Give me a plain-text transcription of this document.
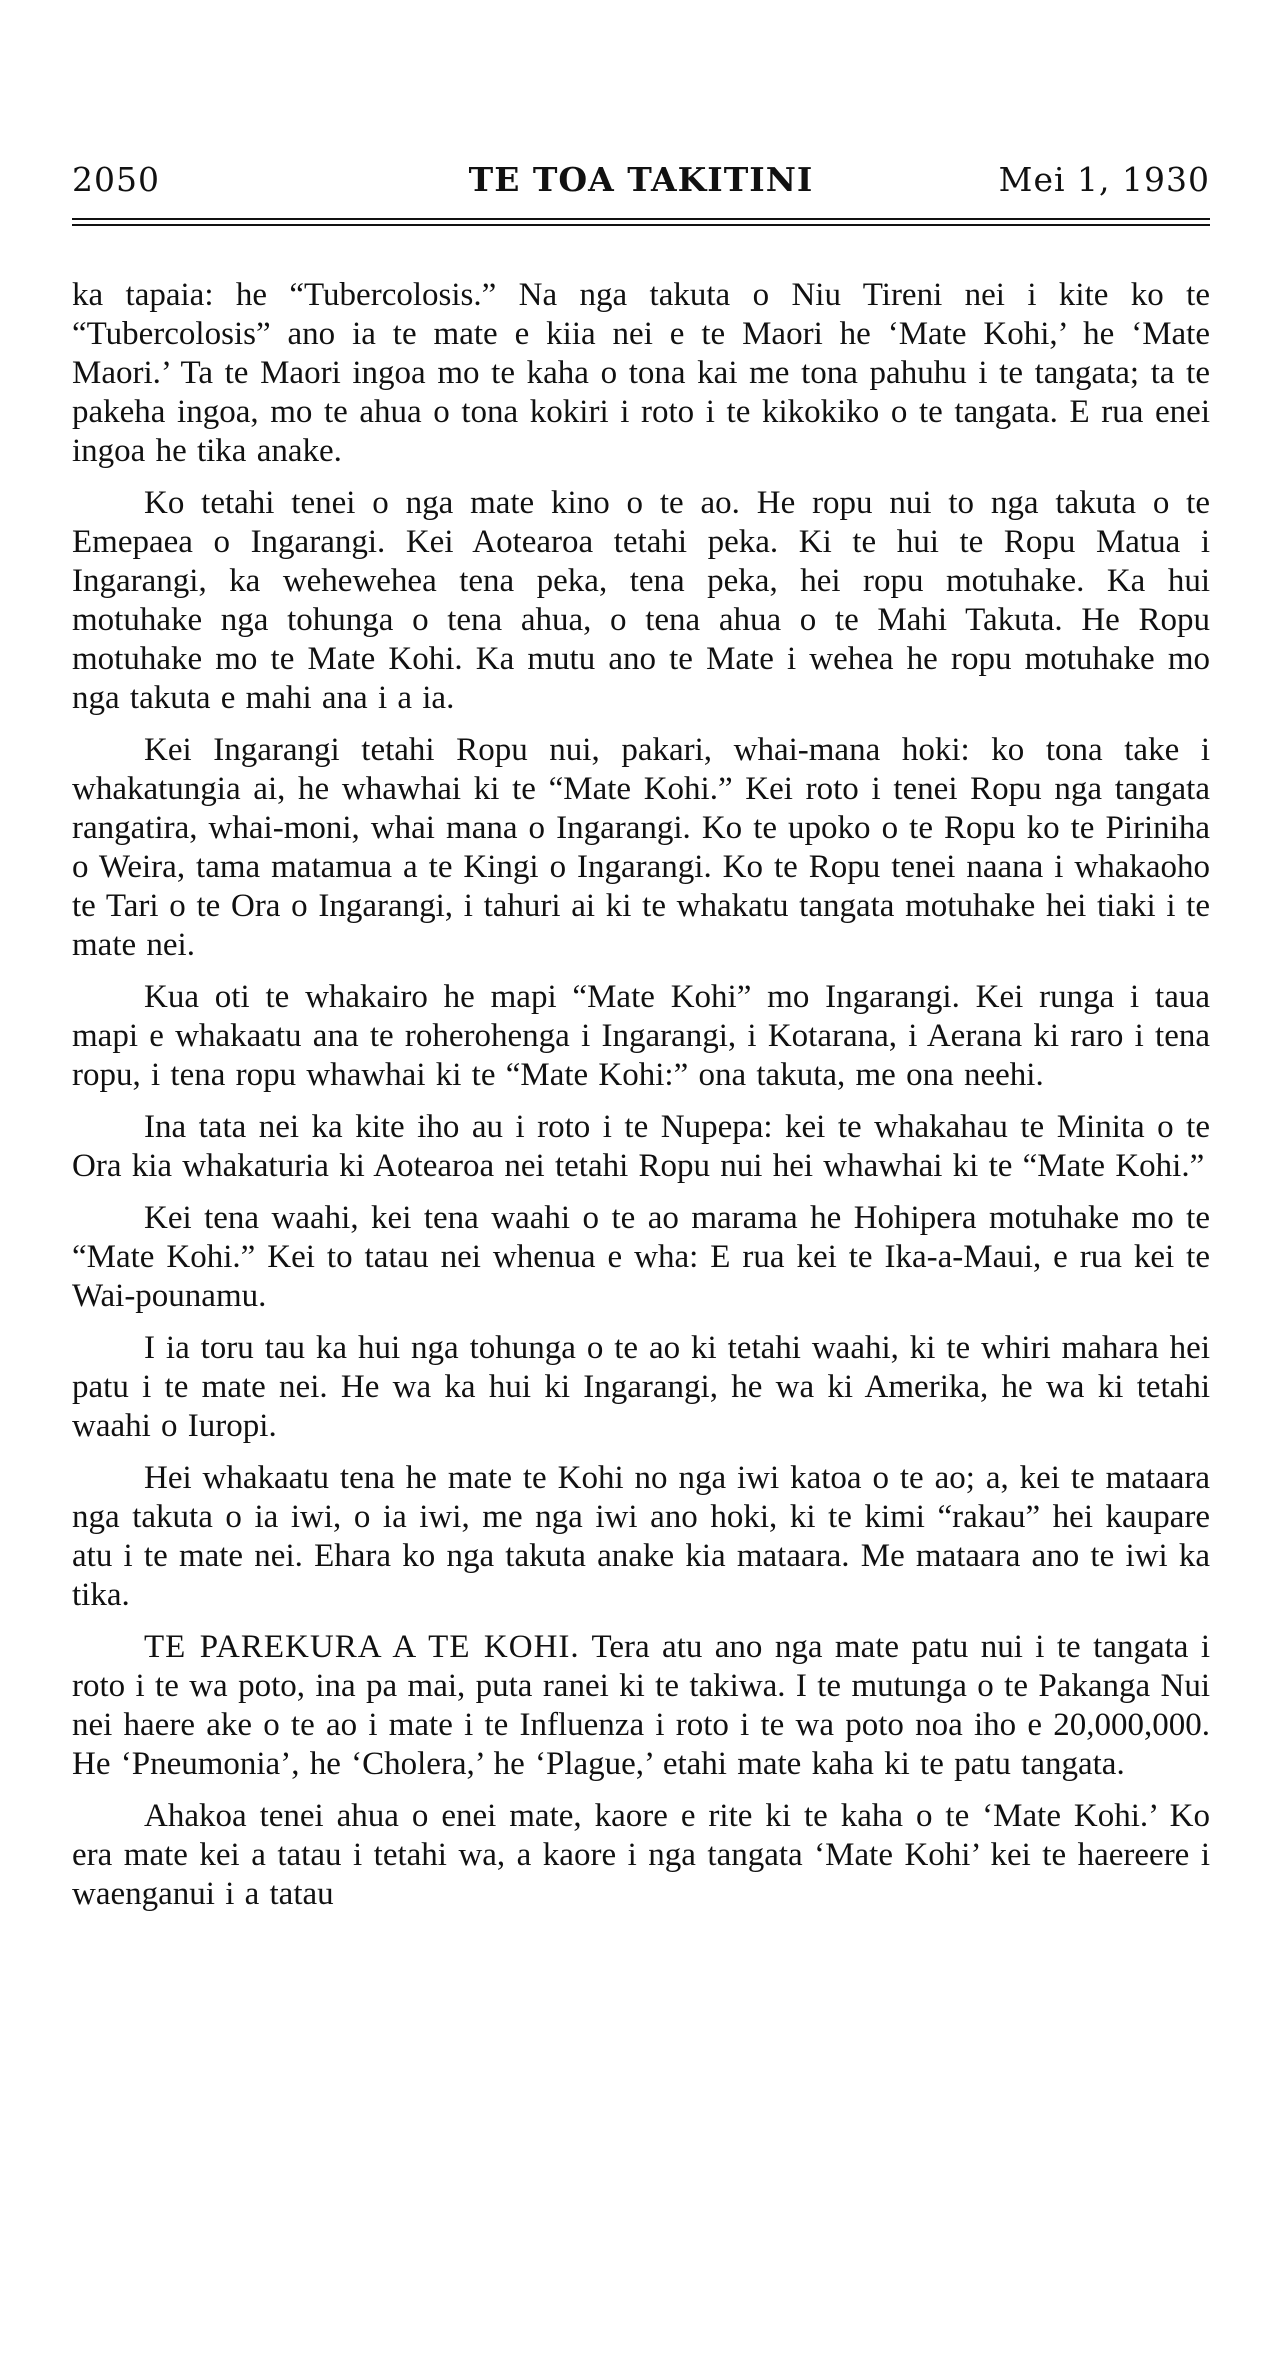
2050	TE TOA TAKITINI	Mei 1, 1930

ka tapaia: he “Tubercolosis.” Na nga takuta o Niu Tireni nei i kite ko te “Tubercolosis” ano ia te mate e kiia nei e te Maori he ‘Mate Kohi,’ he ‘Mate Maori.’ Ta te Maori ingoa mo te kaha o tona kai me tona pahuhu i te tangata; ta te pakeha ingoa, mo te ahua o tona kokiri i roto i te kikokiko o te tangata. E rua enei ingoa he tika anake.

Ko tetahi tenei o nga mate kino o te ao. He ropu nui to nga takuta o te Emepaea o Ingarangi. Kei Aotearoa tetahi peka. Ki te hui te Ropu Matua i Ingarangi, ka wehewehea tena peka, tena peka, hei ropu motuhake. Ka hui motuhake nga tohunga o tena ahua, o tena ahua o te Mahi Takuta. He Ropu motuhake mo te Mate Kohi. Ka mutu ano te Mate i wehea he ropu motuhake mo nga takuta e mahi ana i a ia.

Kei Ingarangi tetahi Ropu nui, pakari, whai-mana hoki: ko tona take i whakatungia ai, he whawhai ki te “Mate Kohi.” Kei roto i tenei Ropu nga tangata rangatira, whai-moni, whai mana o Ingarangi. Ko te upoko o te Ropu ko te Piriniha o Weira, tama matamua a te Kingi o Ingarangi. Ko te Ropu tenei naana i whakaoho te Tari o te Ora o Ingarangi, i tahuri ai ki te whakatu tangata motuhake hei tiaki i te mate nei.

Kua oti te whakairo he mapi “Mate Kohi” mo Ingarangi. Kei runga i taua mapi e whakaatu ana te roherohenga i Ingarangi, i Kotarana, i Aerana ki raro i tena ropu, i tena ropu whawhai ki te “Mate Kohi:” ona takuta, me ona neehi.

Ina tata nei ka kite iho au i roto i te Nupepa: kei te whakahau te Minita o te Ora kia whakaturia ki Aotearoa nei tetahi Ropu nui hei whawhai ki te “Mate Kohi.”

Kei tena waahi, kei tena waahi o te ao marama he Hohipera motuhake mo te “Mate Kohi.” Kei to tatau nei whenua e wha: E rua kei te Ika-a-Maui, e rua kei te Wai-pounamu.

I ia toru tau ka hui nga tohunga o te ao ki tetahi waahi, ki te whiri mahara hei patu i te mate nei. He wa ka hui ki Ingarangi, he wa ki Amerika, he wa ki tetahi waahi o Iuropi.

Hei whakaatu tena he mate te Kohi no nga iwi katoa o te ao; a, kei te mataara nga takuta o ia iwi, o ia iwi, me nga iwi ano hoki, ki te kimi “rakau” hei kaupare atu i te mate nei. Ehara ko nga takuta anake kia mataara. Me mataara ano te iwi ka tika.

TE PAREKURA A TE KOHI. Tera atu ano nga mate patu nui i te tangata i roto i te wa poto, ina pa mai, puta ranei ki te takiwa. I te mutunga o te Pakanga Nui nei haere ake o te ao i mate i te Influenza i roto i te wa poto noa iho e 20,000,000. He ‘Pneumonia’, he ‘Cholera,’ he ‘Plague,’ etahi mate kaha ki te patu tangata.

Ahakoa tenei ahua o enei mate, kaore e rite ki te kaha o te ‘Mate Kohi.’ Ko era mate kei a tatau i tetahi wa, a kaore i nga tangata ‘Mate Kohi’ kei te haereere i waenganui i a tatau
